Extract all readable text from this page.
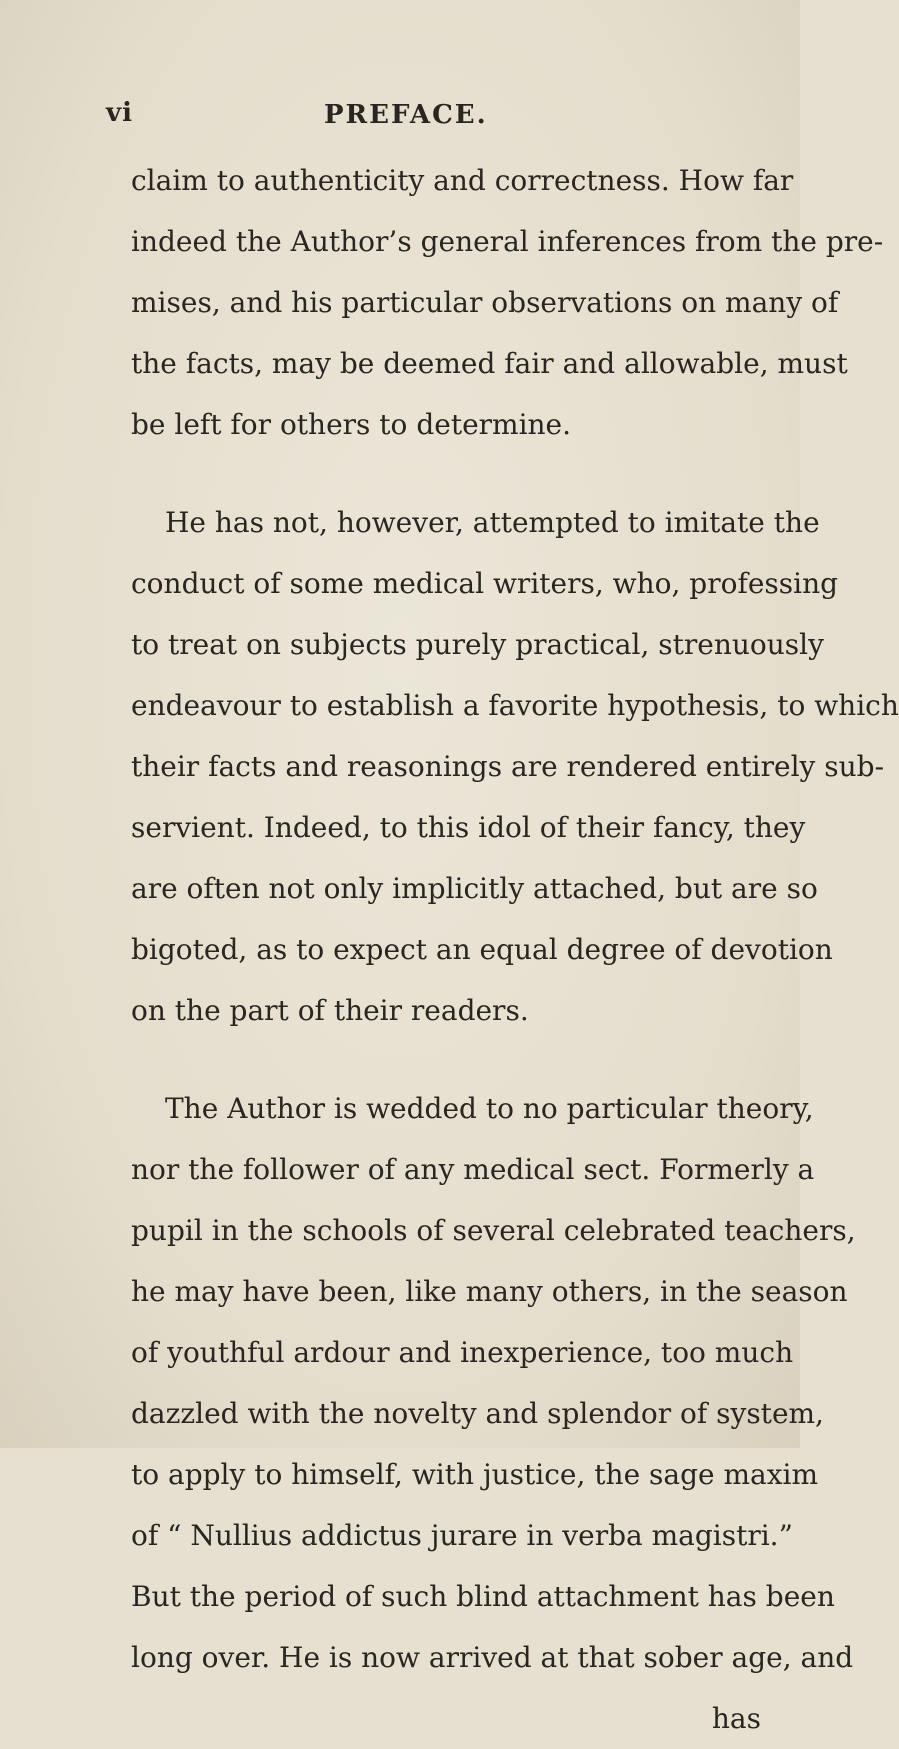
vi	PREFACE.
claim to authenticity and correctness. How far
indeed the Author’s general inferences from the pre-
mises, and his particular observations on many of
the facts, may be deemed fair and allowable, must
be left for others to determine.
He has not, however, attempted to imitate the
conduct of some medical writers, who, professing
to treat on subjects purely practical, strenuously
endeavour to establish a favorite hypothesis, to which
their facts and reasonings are rendered entirely sub-
servient. Indeed, to this idol of their fancy, they
are often not only implicitly attached, but are so
bigoted, as to expect an equal degree of devotion
on the part of their readers.
The Author is wedded to no particular theory,
nor the follower of any medical sect. Formerly a
pupil in the schools of several celebrated teachers,
he may have been, like many others, in the season
of youthful ardour and inexperience, too much
dazzled with the novelty and splendor of system,
to apply to himself, with justice, the sage maxim
of “ Nullius addictus jurare in verba magistri.”
But the period of such blind attachment has been
long over. He is now arrived at that sober age, and
has
